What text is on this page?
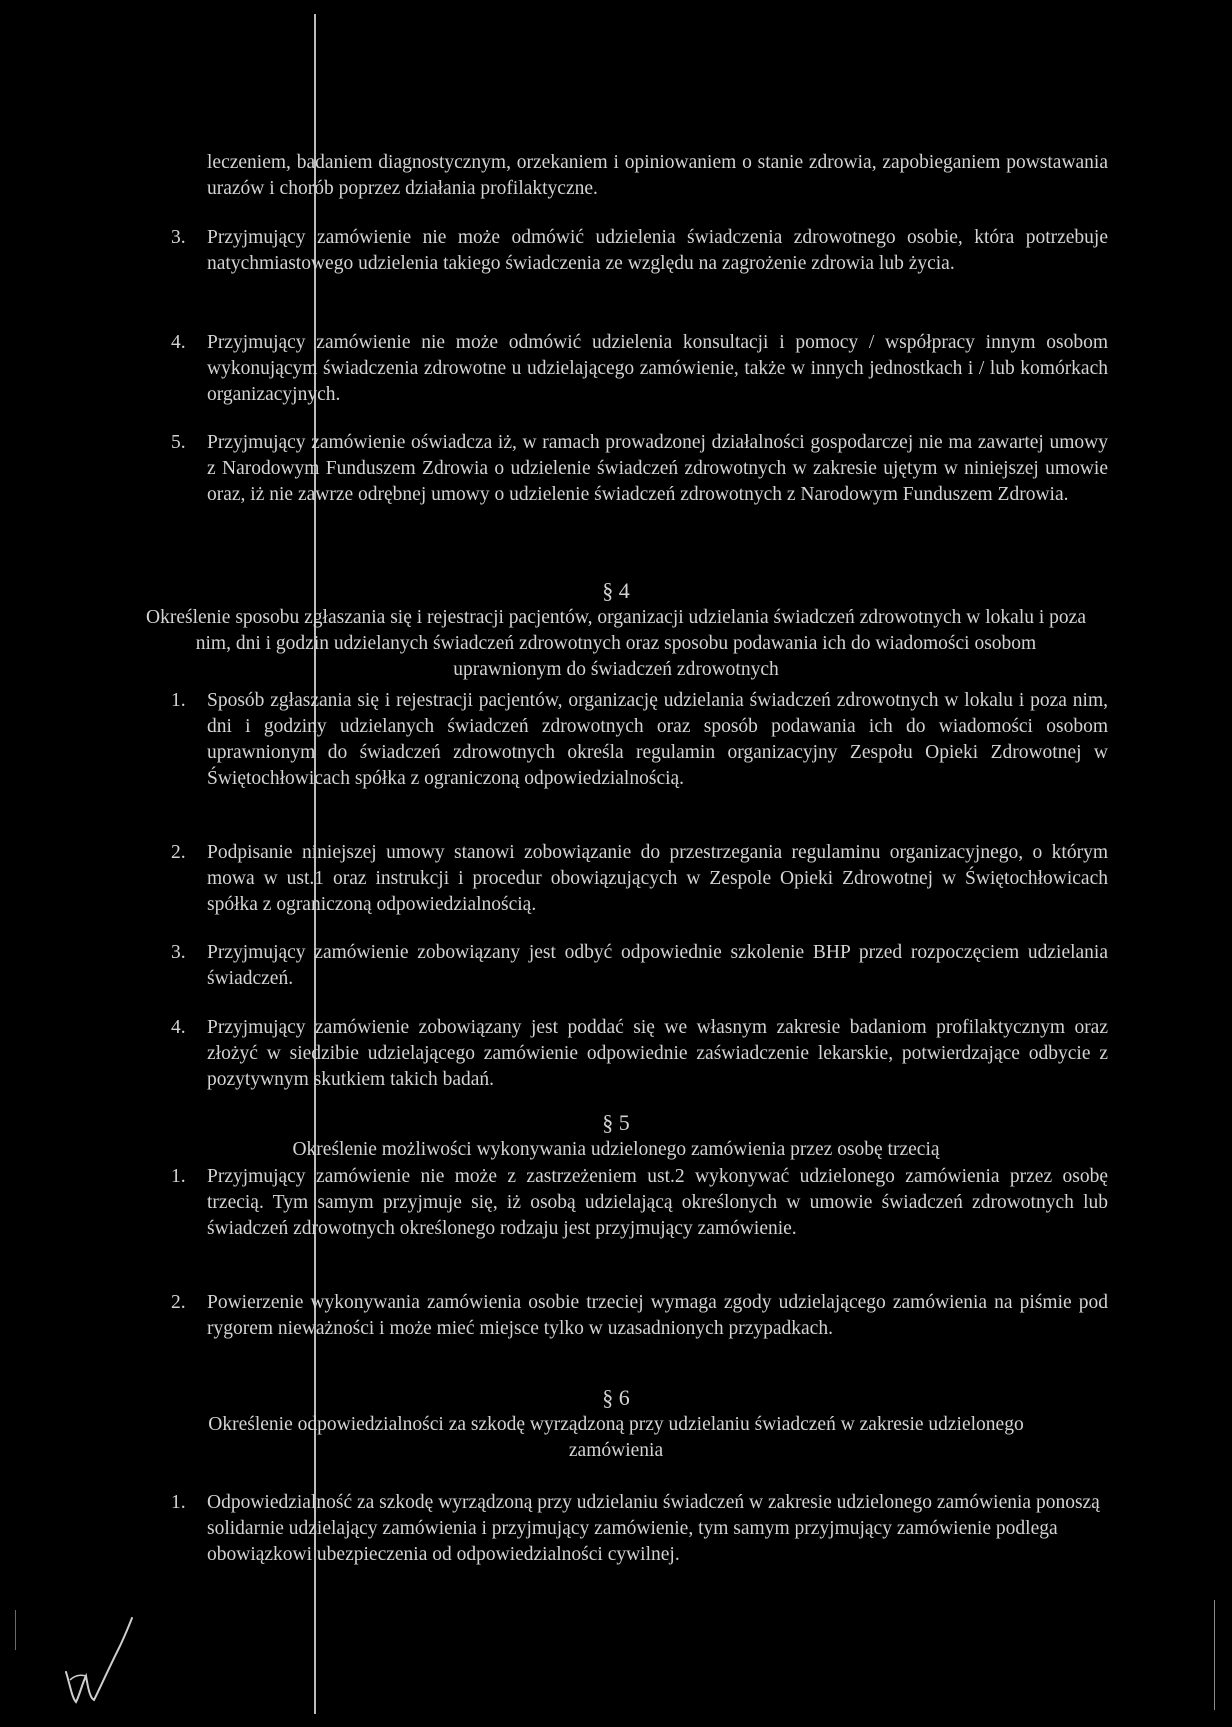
leczeniem, badaniem diagnostycznym, orzekaniem i opiniowaniem o stanie zdrowia, zapobieganiem powstawania urazów i chorób poprzez działania profilaktyczne.
3.	Przyjmujący zamówienie nie może odmówić udzielenia świadczenia zdrowotnego osobie, która potrzebuje natychmiastowego udzielenia takiego świadczenia ze względu na zagrożenie zdrowia lub życia.
4.	Przyjmujący zamówienie nie może odmówić udzielenia konsultacji i pomocy / współpracy innym osobom wykonującym świadczenia zdrowotne u udzielającego zamówienie, także w innych jednostkach i / lub komórkach organizacyjnych.
5.	Przyjmujący zamówienie oświadcza iż, w ramach prowadzonej działalności gospodarczej nie ma zawartej umowy z Narodowym Funduszem Zdrowia o udzielenie świadczeń zdrowotnych w zakresie ujętym w niniejszej umowie oraz, iż nie zawrze odrębnej umowy o udzielenie świadczeń zdrowotnych z Narodowym Funduszem Zdrowia.
§ 4
Określenie sposobu zgłaszania się i rejestracji pacjentów, organizacji udzielania świadczeń zdrowotnych w lokalu i poza nim, dni i godzin udzielanych świadczeń zdrowotnych oraz sposobu podawania ich do wiadomości osobom uprawnionym do świadczeń zdrowotnych
1.	Sposób zgłaszania się i rejestracji pacjentów, organizację udzielania świadczeń zdrowotnych w lokalu i poza nim, dni i godziny udzielanych świadczeń zdrowotnych oraz sposób podawania ich do wiadomości osobom uprawnionym do świadczeń zdrowotnych określa regulamin organizacyjny Zespołu Opieki Zdrowotnej w Świętochłowicach spółka z ograniczoną odpowiedzialnością.
2.	Podpisanie niniejszej umowy stanowi zobowiązanie do przestrzegania regulaminu organizacyjnego, o którym mowa w ust.1 oraz instrukcji i procedur obowiązujących w Zespole Opieki Zdrowotnej w Świętochłowicach spółka z ograniczoną odpowiedzialnością.
3.	Przyjmujący zamówienie zobowiązany jest odbyć odpowiednie szkolenie BHP przed rozpoczęciem udzielania świadczeń.
4.	Przyjmujący zamówienie zobowiązany jest poddać się we własnym zakresie badaniom profilaktycznym oraz złożyć w siedzibie udzielającego zamówienie odpowiednie zaświadczenie lekarskie, potwierdzające odbycie z pozytywnym skutkiem takich badań.
§ 5
Określenie możliwości wykonywania udzielonego zamówienia przez osobę trzecią
1.	Przyjmujący zamówienie nie może z zastrzeżeniem ust.2 wykonywać udzielonego zamówienia przez osobę trzecią. Tym samym przyjmuje się, iż osobą udzielającą określonych w umowie świadczeń zdrowotnych lub świadczeń zdrowotnych określonego rodzaju jest przyjmujący zamówienie.
2.	Powierzenie wykonywania zamówienia osobie trzeciej wymaga zgody udzielającego zamówienia na piśmie pod rygorem nieważności i może mieć miejsce tylko w uzasadnionych przypadkach.
§ 6
Określenie odpowiedzialności za szkodę wyrządzoną przy udzielaniu świadczeń w zakresie udzielonego zamówienia
1.	Odpowiedzialność za szkodę wyrządzoną przy udzielaniu świadczeń w zakresie udzielonego zamówienia ponoszą solidarnie udzielający zamówienia i przyjmujący zamówienie, tym samym przyjmujący zamówienie podlega obowiązkowi ubezpieczenia od odpowiedzialności cywilnej.
